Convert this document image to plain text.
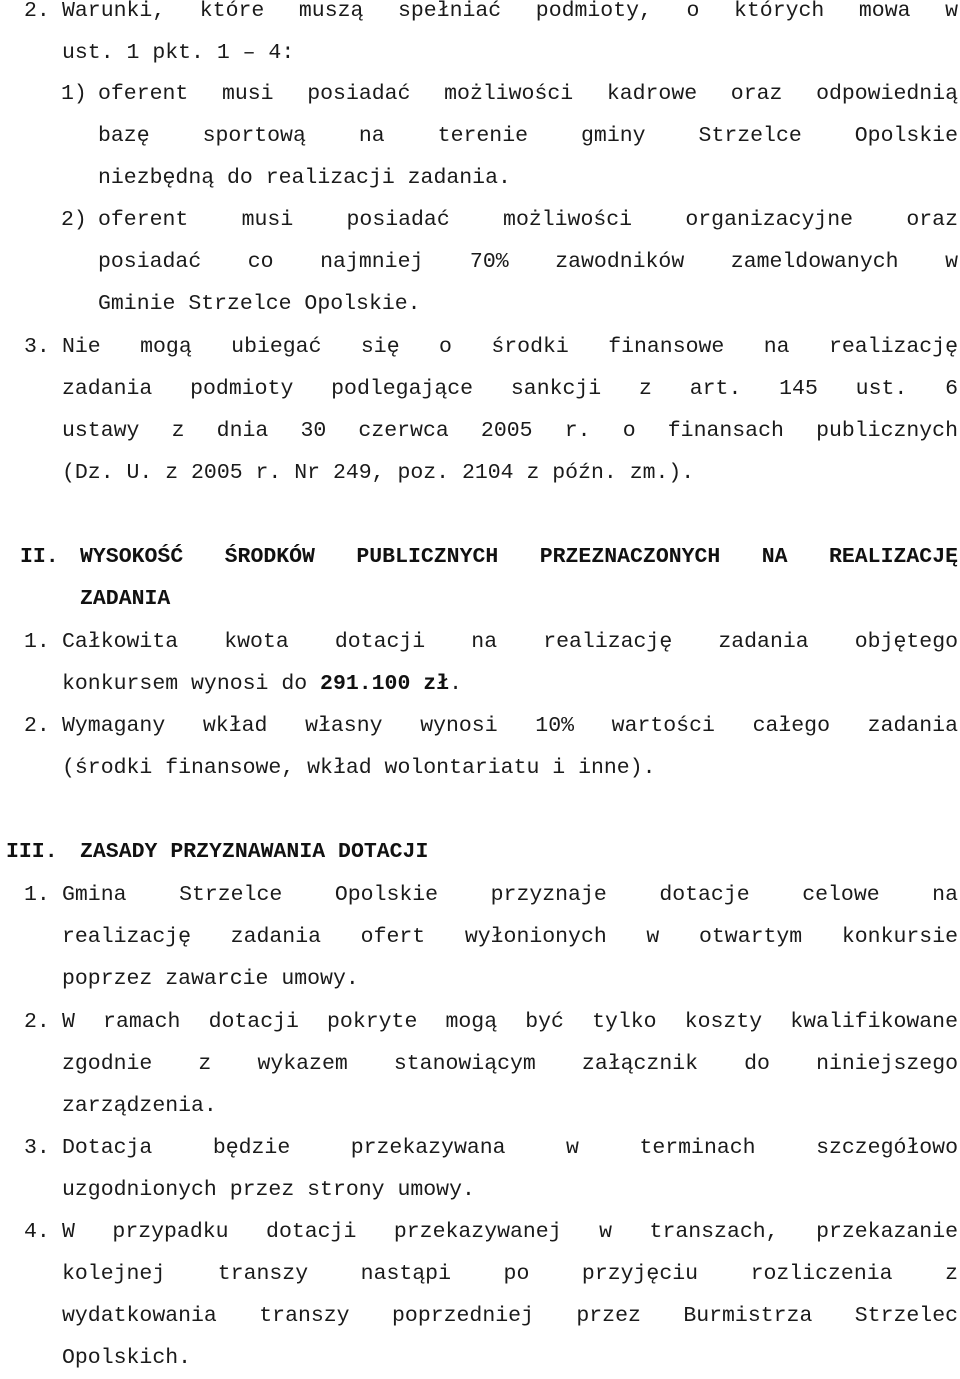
2. Warunki, które muszą spełniać podmioty, o których mowa w
ust. 1 pkt. 1 – 4:
1) oferent musi posiadać możliwości kadrowe oraz odpowiednią
bazę sportową na terenie gminy Strzelce Opolskie
niezbędną do realizacji zadania.
2) oferent musi posiadać możliwości organizacyjne oraz
posiadać co najmniej 70% zawodników zameldowanych w
Gminie Strzelce Opolskie.
3. Nie mogą ubiegać się o środki finansowe na realizację
zadania podmioty podlegające sankcji z art. 145 ust. 6
ustawy z dnia 30 czerwca 2005 r. o finansach publicznych
(Dz. U. z 2005 r. Nr 249, poz. 2104 z późn. zm.).
II. WYSOKOŚĆ ŚRODKÓW PUBLICZNYCH PRZEZNACZONYCH NA REALIZACJĘ
ZADANIA
1. Całkowita kwota dotacji na realizację zadania objętego
konkursem wynosi do 291.100 zł.
2. Wymagany wkład własny wynosi 10% wartości całego zadania
(środki finansowe, wkład wolontariatu i inne).
III. ZASADY PRZYZNAWANIA DOTACJI
1. Gmina Strzelce Opolskie przyznaje dotacje celowe na
realizację zadania ofert wyłonionych w otwartym konkursie
poprzez zawarcie umowy.
2. W ramach dotacji pokryte mogą być tylko koszty kwalifikowane
zgodnie z wykazem stanowiącym załącznik do niniejszego
zarządzenia.
3. Dotacja będzie przekazywana w terminach szczegółowo
uzgodnionych przez strony umowy.
4. W przypadku dotacji przekazywanej w transzach, przekazanie
kolejnej transzy nastąpi po przyjęciu rozliczenia z
wydatkowania transzy poprzedniej przez Burmistrza Strzelec
Opolskich.
